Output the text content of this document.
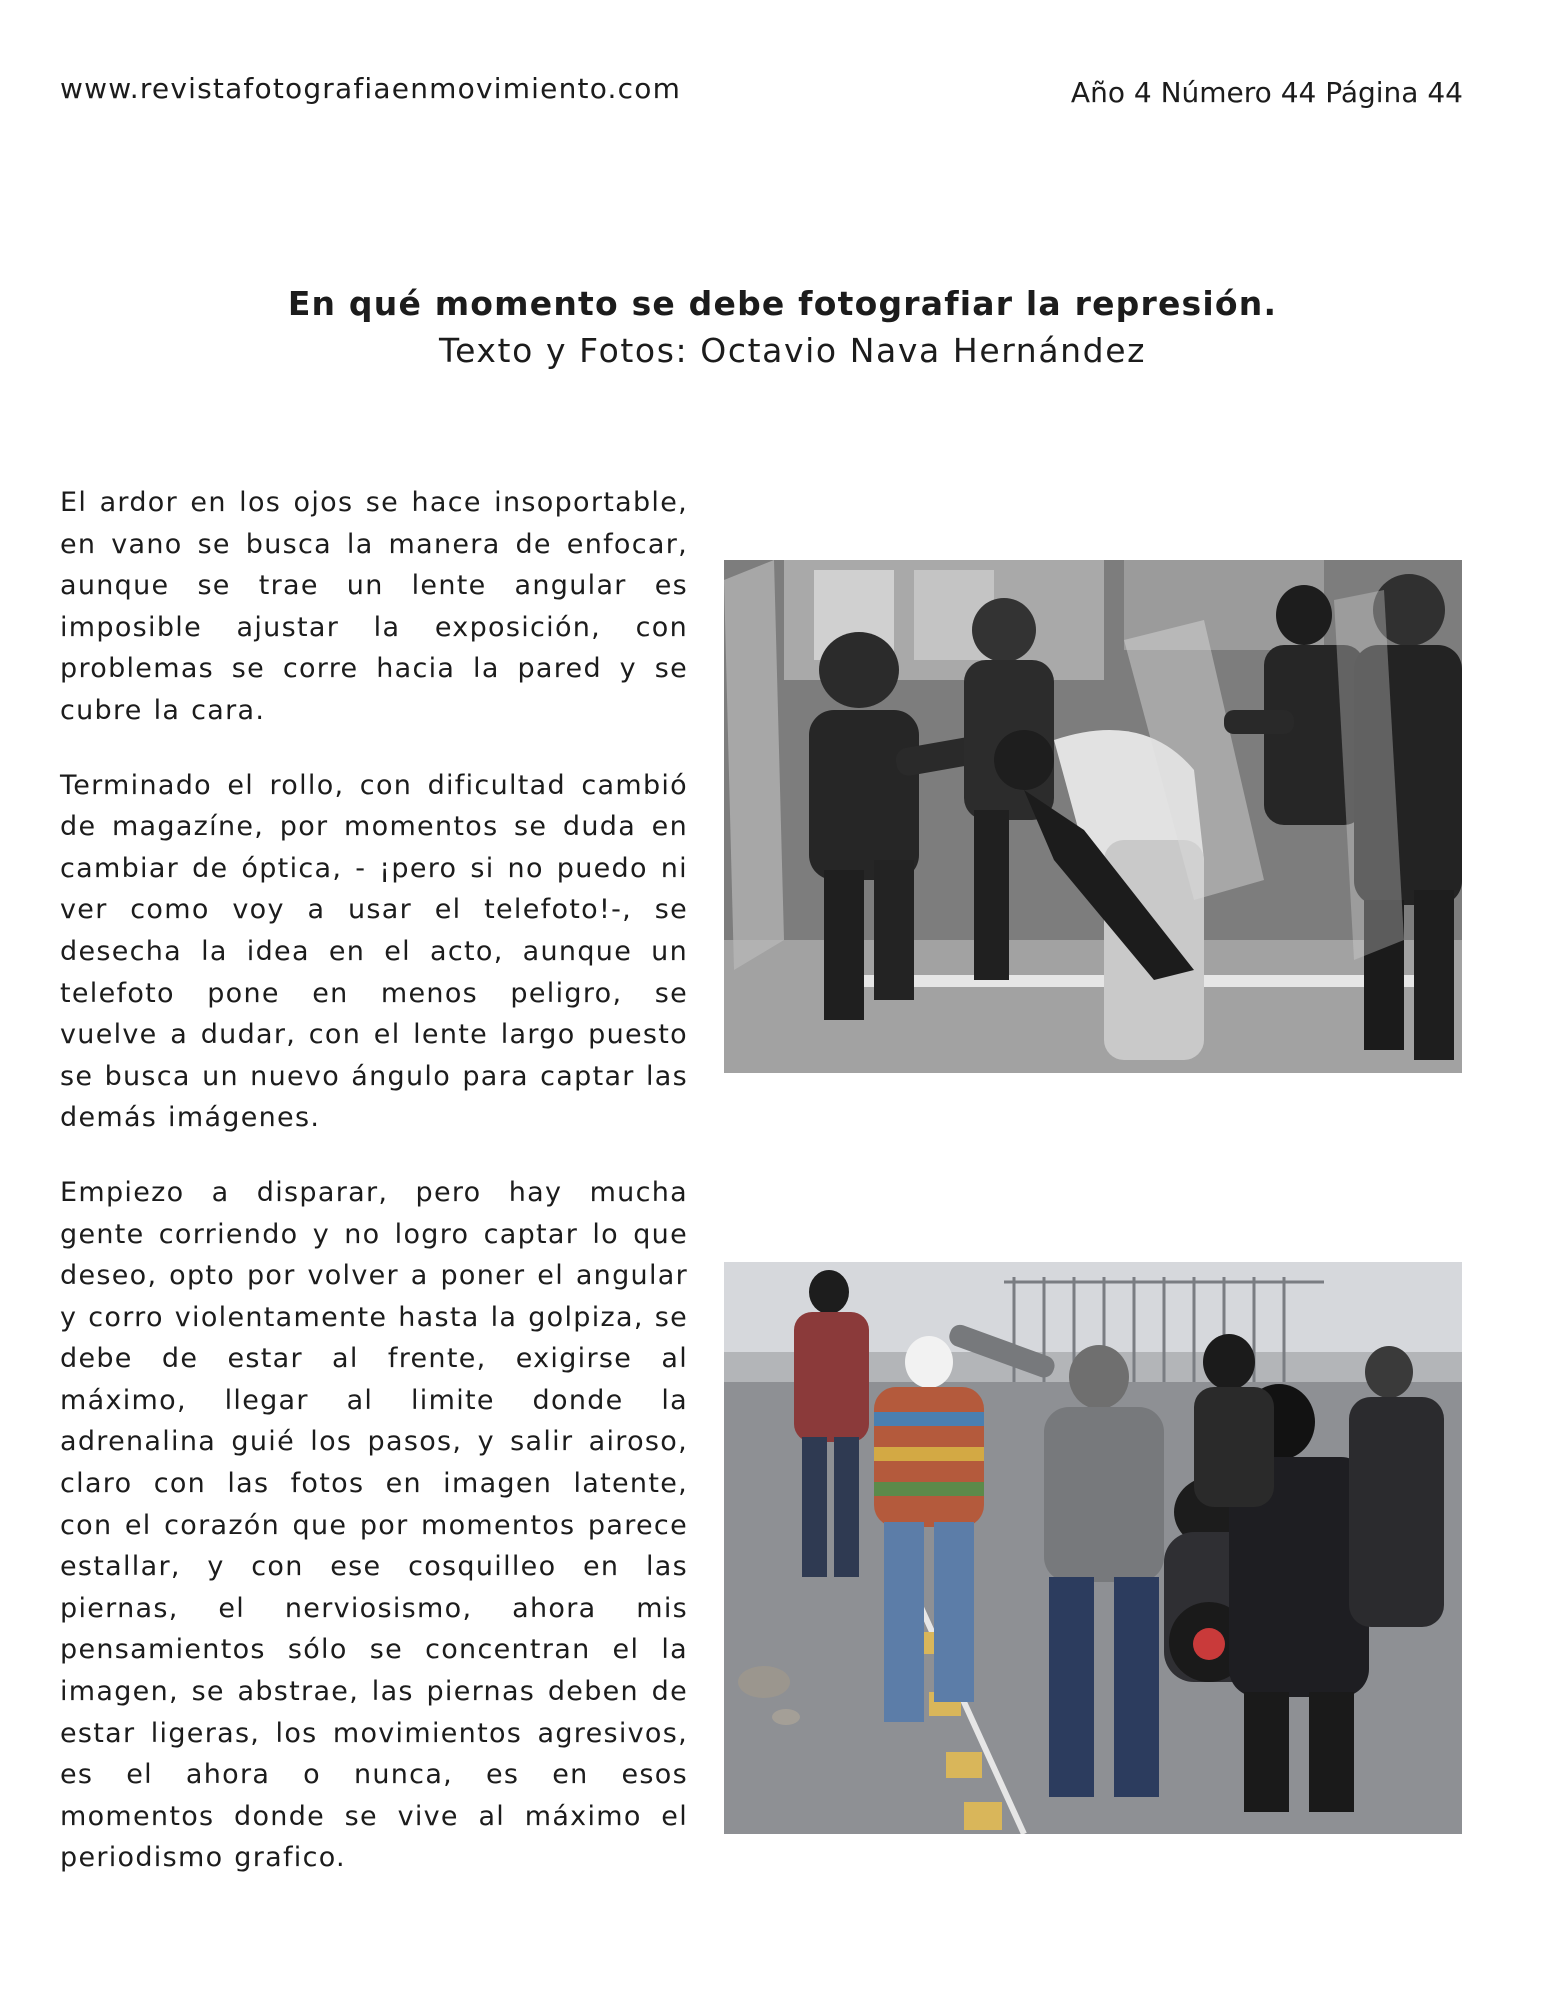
www.revistafotografiaenmovimiento.com	Año 4 Número 44 Página 44

En qué momento se debe fotografiar la represión.

Texto y Fotos: Octavio Nava Hernández

El ardor en los ojos se hace insoportable, en vano se busca la manera de enfocar, aunque se trae un lente angular es imposible ajustar la exposición, con problemas se corre hacia la pared y se cubre la cara.

Terminado el rollo, con dificultad cambió de magazíne, por momentos se duda en cambiar de óptica, - ¡pero si no puedo ni ver como voy a usar el telefoto!-, se desecha la idea en el acto, aunque un telefoto pone en menos peligro, se vuelve a dudar, con el lente largo puesto se busca un nuevo ángulo para captar las demás imágenes.

Empiezo a disparar, pero hay mucha gente corriendo y no logro captar lo que deseo, opto por volver a poner el angular y corro violentamente hasta la golpiza, se debe de estar al frente, exigirse al máximo, llegar al limite donde la adrenalina guié los pasos, y salir airoso, claro con las fotos en imagen latente, con el corazón que por momentos parece estallar, y con ese cosquilleo en las piernas, el nerviosismo, ahora mis pensamientos sólo se concentran el la imagen, se abstrae, las piernas deben de estar ligeras, los movimientos agresivos, es el ahora o nunca, es en esos momentos donde se vive al máximo el periodismo grafico.
